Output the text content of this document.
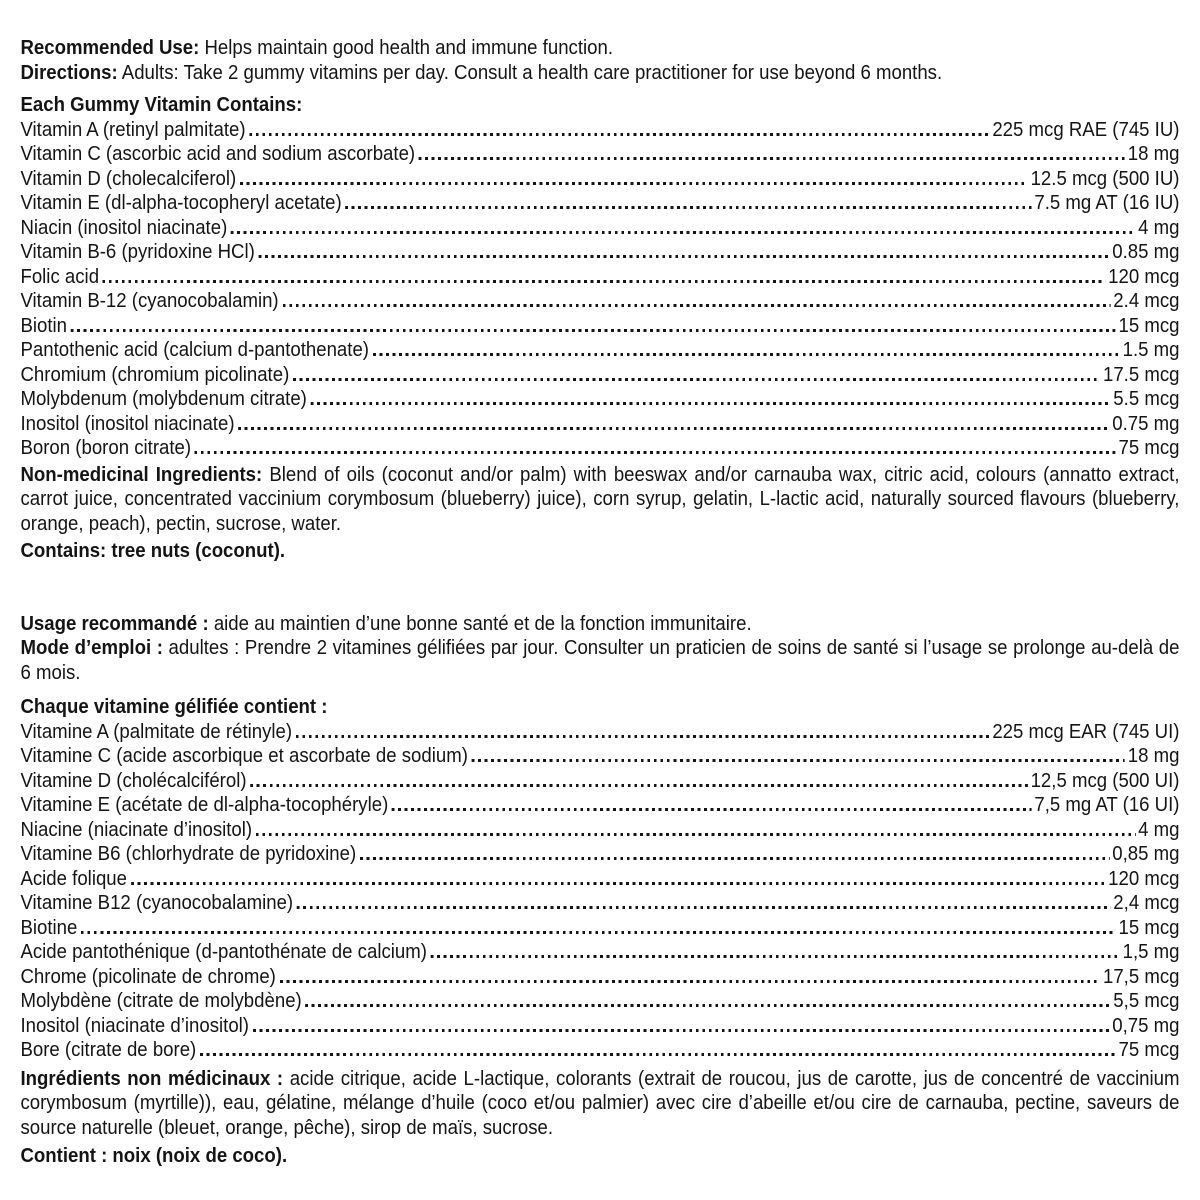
Recommended Use: Helps maintain good health and immune function.

Directions: Adults: Take 2 gummy vitamins per day. Consult a health care practitioner for use beyond 6 months.

Each Gummy Vitamin Contains:
Vitamin A (retinyl palmitate)	225 mcg RAE (745 IU)
Vitamin C (ascorbic acid and sodium ascorbate)	18 mg
Vitamin D (cholecalciferol)	12.5 mcg (500 IU)
Vitamin E (dl-alpha-tocopheryl acetate)	7.5 mg AT (16 IU)
Niacin (inositol niacinate)	4 mg
Vitamin B-6 (pyridoxine HCl)	0.85 mg
Folic acid	120 mcg
Vitamin B-12 (cyanocobalamin)	2.4 mcg
Biotin	15 mcg
Pantothenic acid (calcium d-pantothenate)	1.5 mg
Chromium (chromium picolinate)	17.5 mcg
Molybdenum (molybdenum citrate)	5.5 mcg
Inositol (inositol niacinate)	0.75 mg
Boron (boron citrate)	75 mcg

Non-medicinal Ingredients: Blend of oils (coconut and/or palm) with beeswax and/or carnauba wax, citric acid, colours (annatto extract, carrot juice, concentrated vaccinium corymbosum (blueberry) juice), corn syrup, gelatin, L-lactic acid, naturally sourced flavours (blueberry, orange, peach), pectin, sucrose, water.

Contains: tree nuts (coconut).

Usage recommandé : aide au maintien d’une bonne santé et de la fonction immunitaire.

Mode d’emploi : adultes : Prendre 2 vitamines gélifiées par jour. Consulter un praticien de soins de santé si l’usage se prolonge au-delà de 6 mois.

Chaque vitamine gélifiée contient :
Vitamine A (palmitate de rétinyle)	225 mcg EAR (745 UI)
Vitamine C (acide ascorbique et ascorbate de sodium)	18 mg
Vitamine D (cholécalciférol)	12,5 mcg (500 UI)
Vitamine E (acétate de dl-alpha-tocophéryle)	7,5 mg AT (16 UI)
Niacine (niacinate d’inositol)	4 mg
Vitamine B6 (chlorhydrate de pyridoxine)	0,85 mg
Acide folique	120 mcg
Vitamine B12 (cyanocobalamine)	2,4 mcg
Biotine	15 mcg
Acide pantothénique (d-pantothénate de calcium)	1,5 mg
Chrome (picolinate de chrome)	17,5 mcg
Molybdène (citrate de molybdène)	5,5 mcg
Inositol (niacinate d’inositol)	0,75 mg
Bore (citrate de bore)	75 mcg

Ingrédients non médicinaux : acide citrique, acide L-lactique, colorants (extrait de roucou, jus de carotte, jus de concentré de vaccinium corymbosum (myrtille)), eau, gélatine, mélange d’huile (coco et/ou palmier) avec cire d’abeille et/ou cire de carnauba, pectine, saveurs de source naturelle (bleuet, orange, pêche), sirop de maïs, sucrose.

Contient : noix (noix de coco).
